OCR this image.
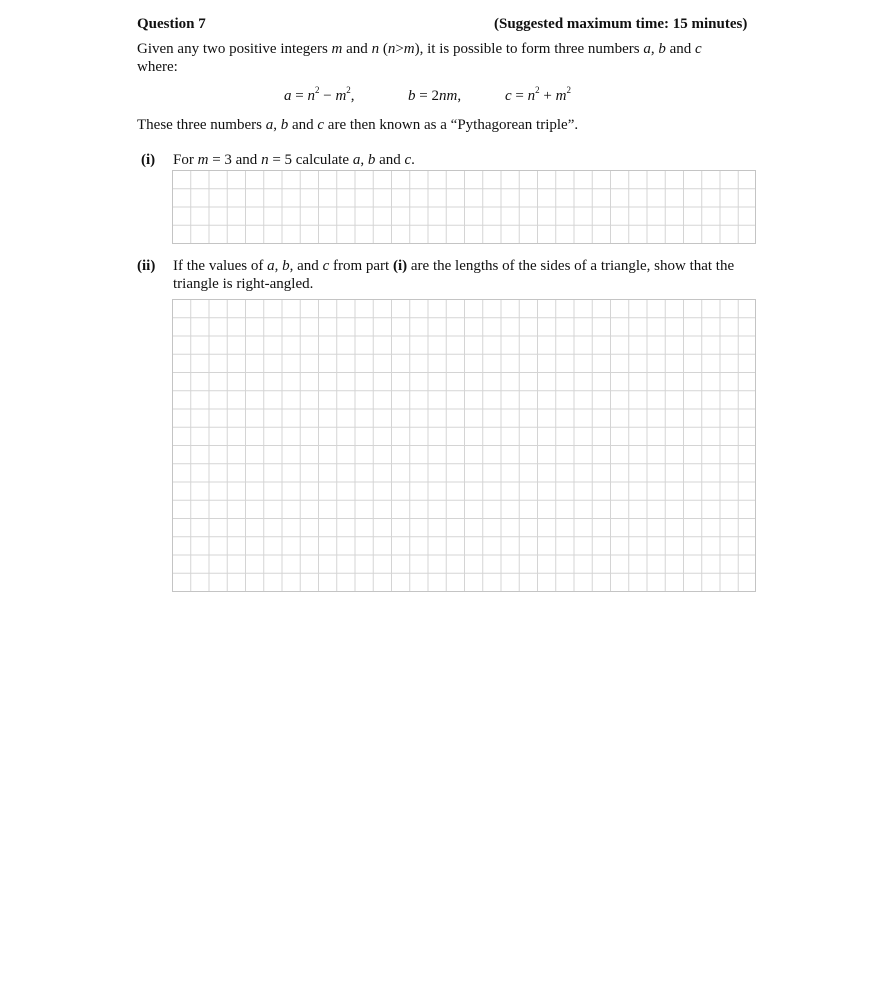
Question 7	(Suggested maximum time: 15 minutes)
Given any two positive integers m and n (n>m), it is possible to form three numbers a, b and c
where:
$a = n^2 - m^2$,	b = 2nm,	$c = n^2 + m^2$
These three numbers a, b and c are then known as a “Pythagorean triple”.
(i) For m = 3 and n = 5 calculate a, b and c.
(ii) If the values of a, b, and c from part (i) are the lengths of the sides of a triangle, show that the
triangle is right-angled.
